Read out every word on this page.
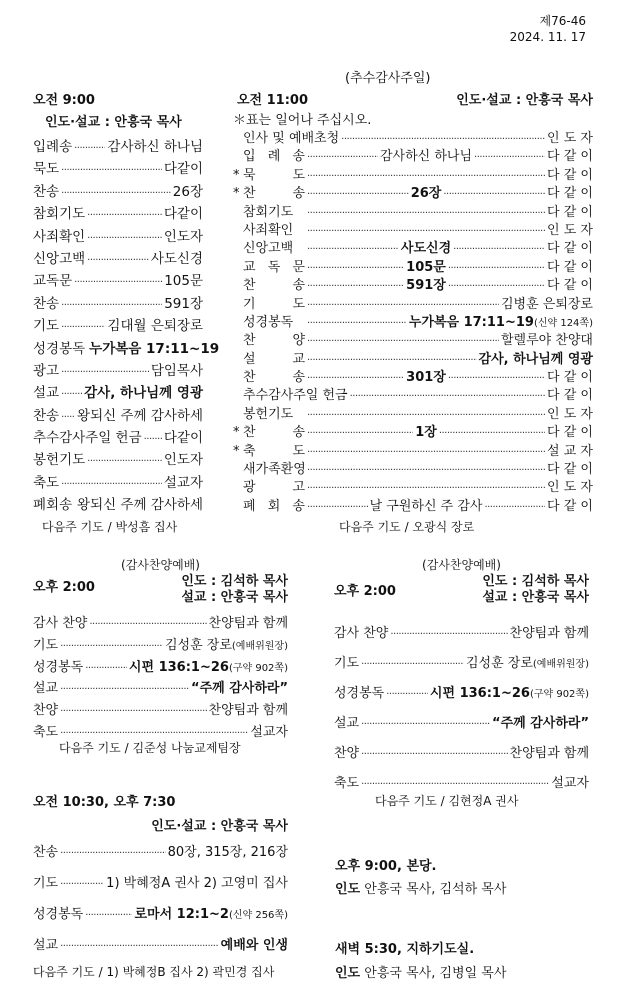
제76-46
2024. 11. 17
(추수감사주일)
오전 9:00
인도·설교 : 안흥국 목사
입례송 ·····	감사하신 하나님
묵도 ·····	다같이
찬송 ·····	26장
참회기도 ·····	다같이
사죄확인 ·····	인도자
신앙고백 ·····	사도신경
교독문 ·····	105문
찬송 ·····	591장
기도 ·····	김대월 은퇴장로
성경봉독 누가복음 17:11~19
광고 ·····	담임목사
설교 ····· 감사, 하나님께 영광
찬송 ····· 왕되신 주께 감사하세
추수감사주일 헌금 ····· 다같이
봉헌기도 ·····	인도자
축도 ·····	설교자
폐회송 ····· 왕되신 주께 감사하세
다음주 기도 / 박성흠 집사
오전 11:00	인도·설교 : 안흥국 목사
＊표는 일어나 주십시오.
인사 및 예배초청 ·····	인 도 자
입 례 송 ·····	감사하신 하나님 ·····	다 같 이
* 묵 도 ·····	다 같 이
* 찬 송 ·····	26장 ·····	다 같 이
참회기도 ·····	다 같 이
사죄확인 ·····	인 도 자
신앙고백 ·····	사도신경 ·····	다 같 이
교 독 문 ·····	105문 ·····	다 같 이
찬 송 ·····	591장 ·····	다 같 이
기 도 ·····	김병훈 은퇴장로
성경봉독 ·····	누가복음 17:11~19 (신약 124쪽)
찬 양 ·····	할렐루야 찬양대
설 교 ·····	감사, 하나님께 영광
찬 송 ·····	301장 ·····	다 같 이
추수감사주일 헌금 ·····	다 같 이
봉헌기도 ·····	인 도 자
* 찬 송 ·····	1장 ·····	다 같 이
* 축 도 ·····	설 교 자
새가족환영 ·····	다 같 이
광 고 ·····	인 도 자
폐 회 송 ·····	날 구원하신 주 감사 ·····	다 같 이
다음주 기도 / 오광식 장로
(감사찬양예배)
오후 2:00	인도 : 김석하 목사
설교 : 안흥국 목사
감사 찬양 ·····	찬양팀과 함께
기도 ·····	김성훈 장로 (예배위원장)
성경봉독 ·····	시편 136:1~26 (구약 902쪽)
설교 ·····	“주께 감사하라”
찬양 ·····	찬양팀과 함께
축도 ·····	설교자
다음주 기도 / 김준성 나눔교제팀장
(감사찬양예배)
오후 2:00
인도 : 김석하 목사
설교 : 안흥국 목사
감사 찬양 ·····	찬양팀과 함께
기도 ·····	김성훈 장로 (예배위원장)
성경봉독 ·····	시편 136:1~26 (구약 902쪽)
설교 ·····	“주께 감사하라”
찬양 ·····	찬양팀과 함께
축도 ·····	설교자
다음주 기도 / 김현정A 권사
오전 10:30, 오후 7:30
인도·설교 : 안흥국 목사
찬송 ·····	80장, 315장, 216장
기도 ·····	1) 박혜정A 권사 2) 고영미 집사
성경봉독 ·····	로마서 12:1~2 (신약 256쪽)
설교 ·····	예배와 인생
다음주 기도 / 1) 박혜정B 집사 2) 곽민경 집사
오후 9:00, 본당.
인도 안흥국 목사, 김석하 목사
새벽 5:30, 지하기도실.
인도 안흥국 목사, 김병일 목사
